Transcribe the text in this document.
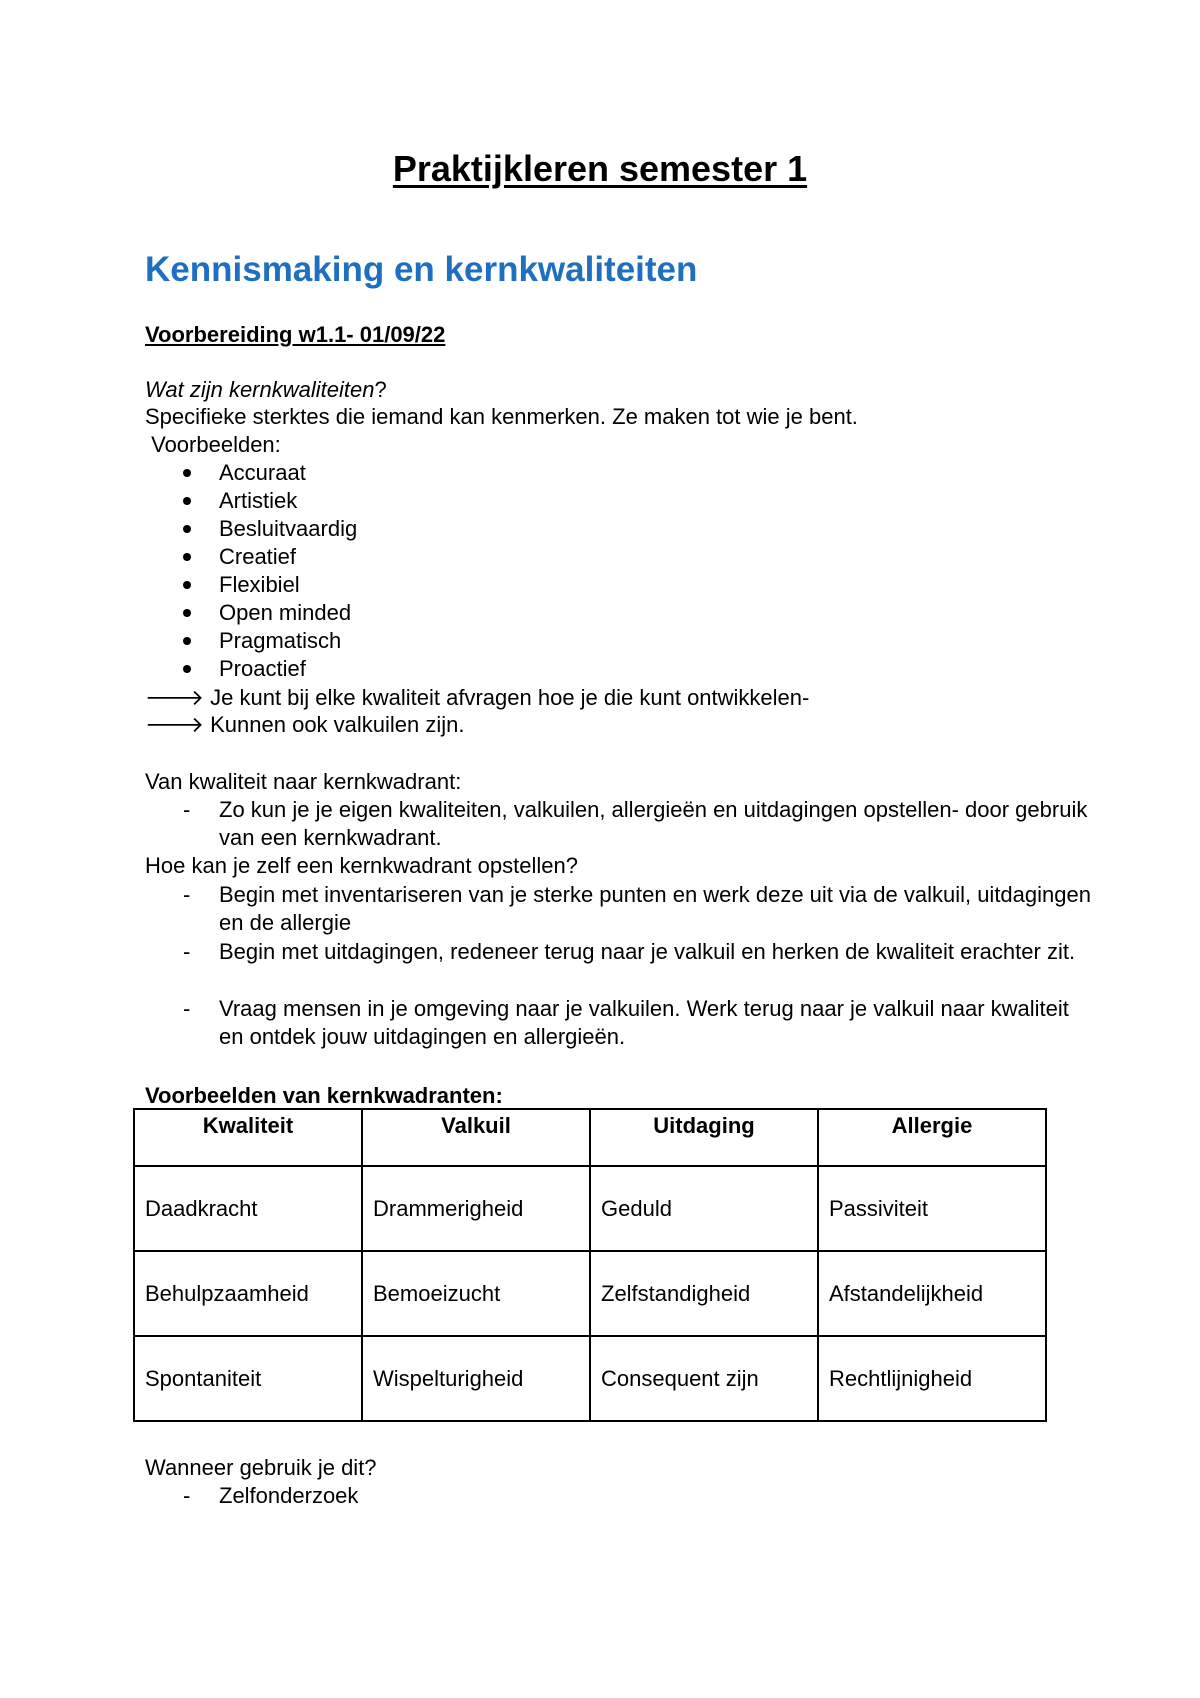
Praktijkleren semester 1
Kennismaking en kernkwaliteiten
Voorbereiding w1.1- 01/09/22
Wat zijn kernkwaliteiten?
Specifieke sterktes die iemand kan kenmerken. Ze maken tot wie je bent.
Voorbeelden:
Accuraat
Artistiek
Besluitvaardig
Creatief
Flexibiel
Open minded
Pragmatisch
Proactief
🡒 Je kunt bij elke kwaliteit afvragen hoe je die kunt ontwikkelen-
🡒 Kunnen ook valkuilen zijn.
Van kwaliteit naar kernkwadrant:
- Zo kun je je eigen kwaliteiten, valkuilen, allergieën en uitdagingen opstellen- door gebruik van een kernkwadrant.
Hoe kan je zelf een kernkwadrant opstellen?
- Begin met inventariseren van je sterke punten en werk deze uit via de valkuil, uitdagingen en de allergie
- Begin met uitdagingen, redeneer terug naar je valkuil en herken de kwaliteit erachter zit.
- Vraag mensen in je omgeving naar je valkuilen. Werk terug naar je valkuil naar kwaliteit en ontdek jouw uitdagingen en allergieën.
Voorbeelden van kernkwadranten:
Kwaliteit	Valkuil	Uitdaging	Allergie
Daadkracht	Drammerigheid	Geduld	Passiviteit
Behulpzaamheid	Bemoeizucht	Zelfstandigheid	Afstandelijkheid
Spontaniteit	Wispelturigheid	Consequent zijn	Rechtlijnigheid
Wanneer gebruik je dit?
- Zelfonderzoek
